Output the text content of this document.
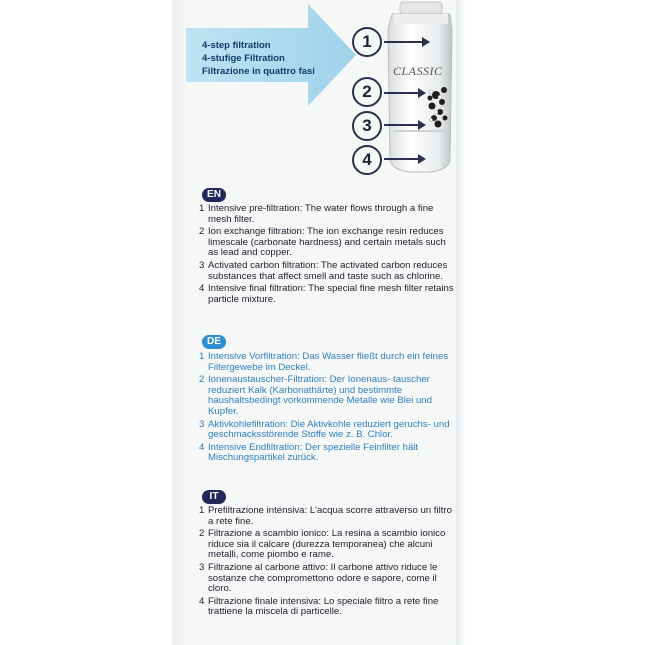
4-step filtration
4-stufige Filtration
Filtrazione in quattro fasi	CLASSIC
1
2
3
4
EN
1 Intensive pre-filtration: The water flows through a fine mesh filter.
2 Ion exchange filtration: The ion exchange resin reduces limescale (carbonate hardness) and certain metals such as lead and copper.
3 Activated carbon filtration: The activated carbon reduces substances that affect smell and taste such as chlorine.
4 Intensive final filtration: The special fine mesh filter retains particle mixture.
DE
1 Intensive Vorfiltration: Das Wasser fließt durch ein feines Filtergewebe im Deckel.
2 Ionenaustauscher-Filtration: Der Ionenaus- tauscher reduziert Kalk (Karbonathärte) und bestimmte haushaltsbedingt vorkommende Metalle wie Blei und Kupfer.
3 Aktivkohlefiltration: Die Aktivkohle reduziert geruchs- und geschmacksstörende Stoffe wie z. B. Chlor.
4 Intensive Endfiltration: Der spezielle Feinfilter hält Mischungspartikel zurück.
IT
1 Prefiltrazione intensiva: L'acqua scorre attraverso un filtro a rete fine.
2 Filtrazione a scambio ionico: La resina a scambio ionico riduce sia il calcare (durezza temporanea) che alcuni metalli, come piombo e rame.
3 Filtrazione al carbone attivo: Il carbone attivo riduce le sostanze che compromettono odore e sapore, come il cloro.
4 Filtrazione finale intensiva: Lo speciale filtro a rete fine trattiene la miscela di particelle.
